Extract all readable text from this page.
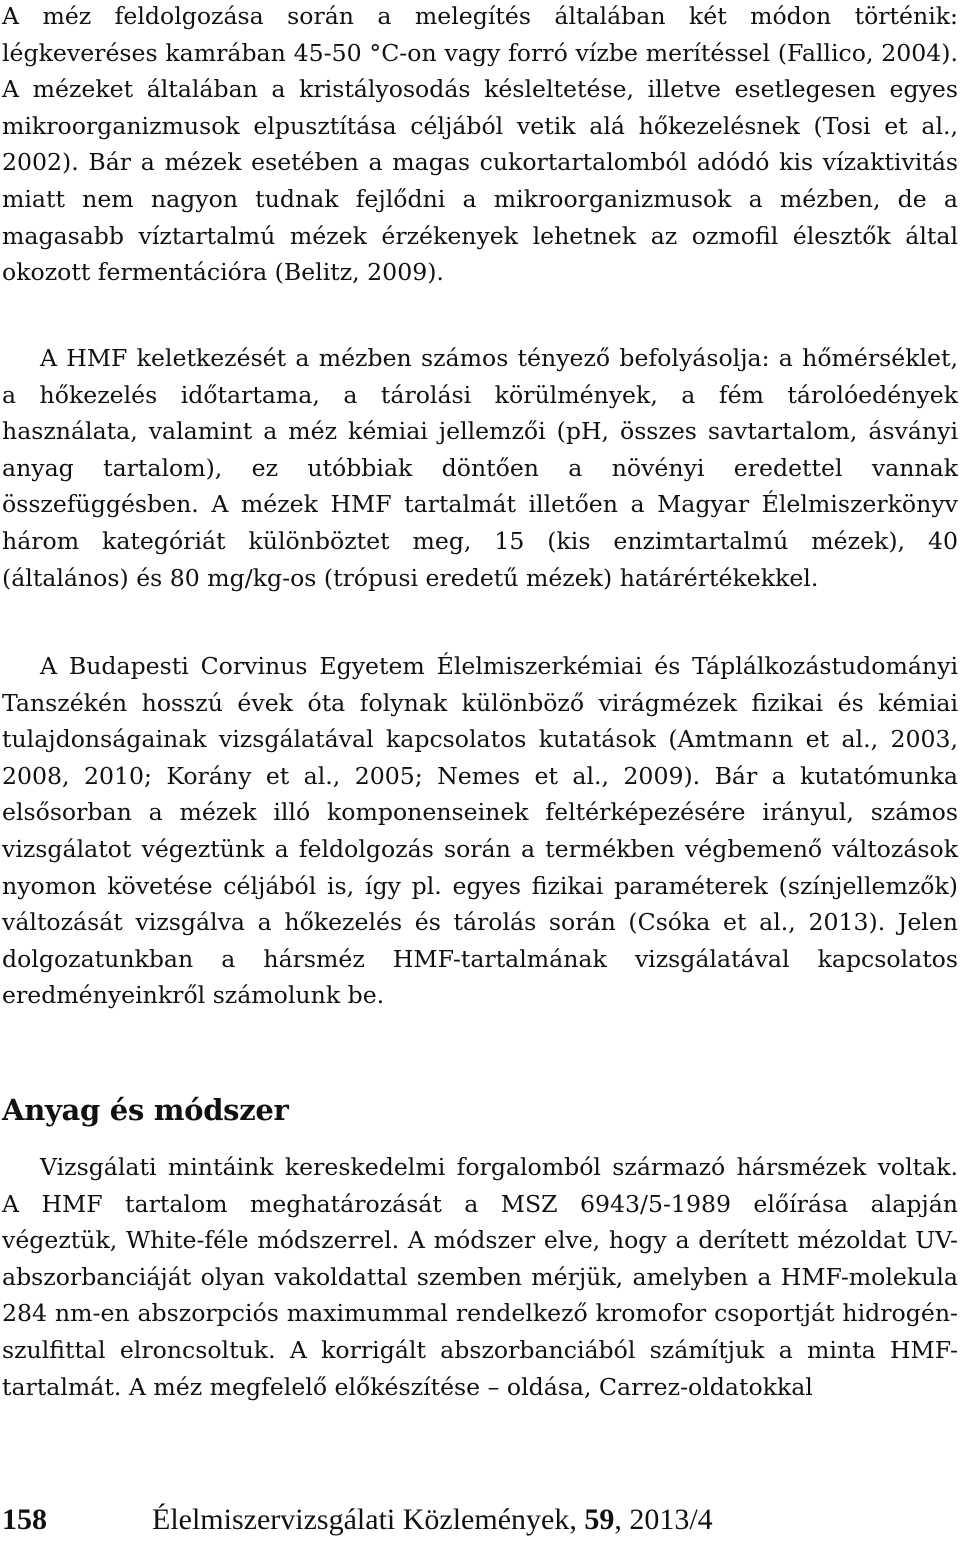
A méz feldolgozása során a melegítés általában két módon történik: légkeveréses kamrában 45-50 °C-on vagy forró vízbe merítéssel (Fallico, 2004). A mézeket általában a kristályosodás késleltetése, illetve esetlegesen egyes mikroorganizmusok elpusztítása céljából vetik alá hőkezelésnek (Tosi et al., 2002). Bár a mézek esetében a magas cukortartalomból adódó kis vízaktivitás miatt nem nagyon tudnak fejlődni a mikroorganizmusok a mézben, de a magasabb víztartalmú mézek érzékenyek lehetnek az ozmofil élesztők által okozott fermentációra (Belitz, 2009).

A HMF keletkezését a mézben számos tényező befolyásolja: a hőmérséklet, a hőkezelés időtartama, a tárolási körülmények, a fém tárolóedények használata, valamint a méz kémiai jellemzői (pH, összes savtartalom, ásványi anyag tartalom), ez utóbbiak döntően a növényi eredettel vannak összefüggésben. A mézek HMF tartalmát illetően a Magyar Élelmiszerkönyv három kategóriát különböztet meg, 15 (kis enzimtartalmú mézek), 40 (általános) és 80 mg/kg-os (trópusi eredetű mézek) határértékekkel.

A Budapesti Corvinus Egyetem Élelmiszerkémiai és Táplálkozástudományi Tanszékén hosszú évek óta folynak különböző virágmézek fizikai és kémiai tulajdonságainak vizsgálatával kapcsolatos kutatások (Amtmann et al., 2003, 2008, 2010; Korány et al., 2005; Nemes et al., 2009). Bár a kutatómunka elsősorban a mézek illó komponenseinek feltérképezésére irányul, számos vizsgálatot végeztünk a feldolgozás során a termékben végbemenő változások nyomon követése céljából is, így pl. egyes fizikai paraméterek (színjellemzők) változását vizsgálva a hőkezelés és tárolás során (Csóka et al., 2013). Jelen dolgozatunkban a hársméz HMF-tartalmának vizsgálatával kapcsolatos eredményeinkről számolunk be.

Anyag és módszer

Vizsgálati mintáink kereskedelmi forgalomból származó hársmézek voltak. A HMF tartalom meghatározását a MSZ 6943/5-1989 előírása alapján végeztük, White-féle módszerrel. A módszer elve, hogy a derített mézoldat UV-abszorbanciáját olyan vakoldattal szemben mérjük, amelyben a HMF-molekula 284 nm-en abszorpciós maximummal rendelkező kromofor csoportját hidrogén-szulfittal elroncsoltuk. A korrigált abszorbanciából számítjuk a minta HMF-tartalmát. A méz megfelelő előkészítése – oldása, Carrez-oldatokkal

158	Élelmiszervizsgálati Közlemények, 59, 2013/4
